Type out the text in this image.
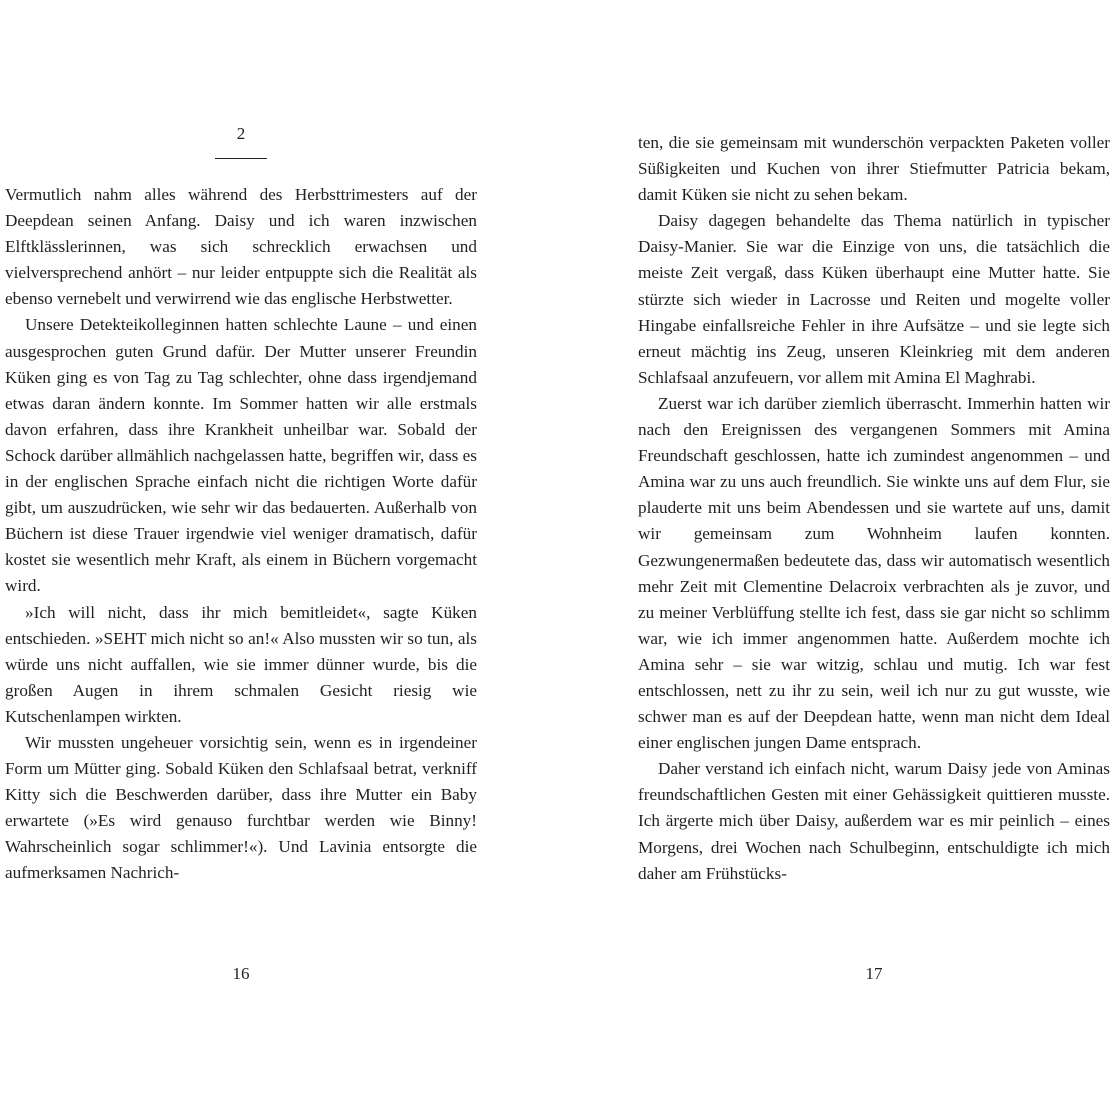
2

Vermutlich nahm alles während des Herbsttrimesters auf der Deepdean seinen Anfang. Daisy und ich waren inzwischen Elftklässlerinnen, was sich schrecklich erwachsen und vielversprechend anhört – nur leider entpuppte sich die Realität als ebenso vernebelt und verwirrend wie das englische Herbstwetter.

Unsere Detekteikolleginnen hatten schlechte Laune – und einen ausgesprochen guten Grund dafür. Der Mutter unserer Freundin Küken ging es von Tag zu Tag schlechter, ohne dass irgendjemand etwas daran ändern konnte. Im Sommer hatten wir alle erstmals davon erfahren, dass ihre Krankheit unheilbar war. Sobald der Schock darüber allmählich nachgelassen hatte, begriffen wir, dass es in der englischen Sprache einfach nicht die richtigen Worte dafür gibt, um auszudrücken, wie sehr wir das bedauerten. Außerhalb von Büchern ist diese Trauer irgendwie viel weniger dramatisch, dafür kostet sie wesentlich mehr Kraft, als einem in Büchern vorgemacht wird.

»Ich will nicht, dass ihr mich bemitleidet«, sagte Küken entschieden. »SEHT mich nicht so an!« Also mussten wir so tun, als würde uns nicht auffallen, wie sie immer dünner wurde, bis die großen Augen in ihrem schmalen Gesicht riesig wie Kutschenlampen wirkten.

Wir mussten ungeheuer vorsichtig sein, wenn es in irgendeiner Form um Mütter ging. Sobald Küken den Schlafsaal betrat, verkniff Kitty sich die Beschwerden darüber, dass ihre Mutter ein Baby erwartete (»Es wird genauso furchtbar werden wie Binny! Wahrscheinlich sogar schlimmer!«). Und Lavinia entsorgte die aufmerksamen Nachrich-

16

ten, die sie gemeinsam mit wunderschön verpackten Paketen voller Süßigkeiten und Kuchen von ihrer Stiefmutter Patricia bekam, damit Küken sie nicht zu sehen bekam.

Daisy dagegen behandelte das Thema natürlich in typischer Daisy-Manier. Sie war die Einzige von uns, die tatsächlich die meiste Zeit vergaß, dass Küken überhaupt eine Mutter hatte. Sie stürzte sich wieder in Lacrosse und Reiten und mogelte voller Hingabe einfallsreiche Fehler in ihre Aufsätze – und sie legte sich erneut mächtig ins Zeug, unseren Kleinkrieg mit dem anderen Schlafsaal anzufeuern, vor allem mit Amina El Maghrabi.

Zuerst war ich darüber ziemlich überrascht. Immerhin hatten wir nach den Ereignissen des vergangenen Sommers mit Amina Freundschaft geschlossen, hatte ich zumindest angenommen – und Amina war zu uns auch freundlich. Sie winkte uns auf dem Flur, sie plauderte mit uns beim Abendessen und sie wartete auf uns, damit wir gemeinsam zum Wohnheim laufen konnten. Gezwungenermaßen bedeutete das, dass wir automatisch wesentlich mehr Zeit mit Clementine Delacroix verbrachten als je zuvor, und zu meiner Verblüffung stellte ich fest, dass sie gar nicht so schlimm war, wie ich immer angenommen hatte. Außerdem mochte ich Amina sehr – sie war witzig, schlau und mutig. Ich war fest entschlossen, nett zu ihr zu sein, weil ich nur zu gut wusste, wie schwer man es auf der Deepdean hatte, wenn man nicht dem Ideal einer englischen jungen Dame entsprach.

Daher verstand ich einfach nicht, warum Daisy jede von Aminas freundschaftlichen Gesten mit einer Gehässigkeit quittieren musste. Ich ärgerte mich über Daisy, außerdem war es mir peinlich – eines Morgens, drei Wochen nach Schulbeginn, entschuldigte ich mich daher am Frühstücks-

17
